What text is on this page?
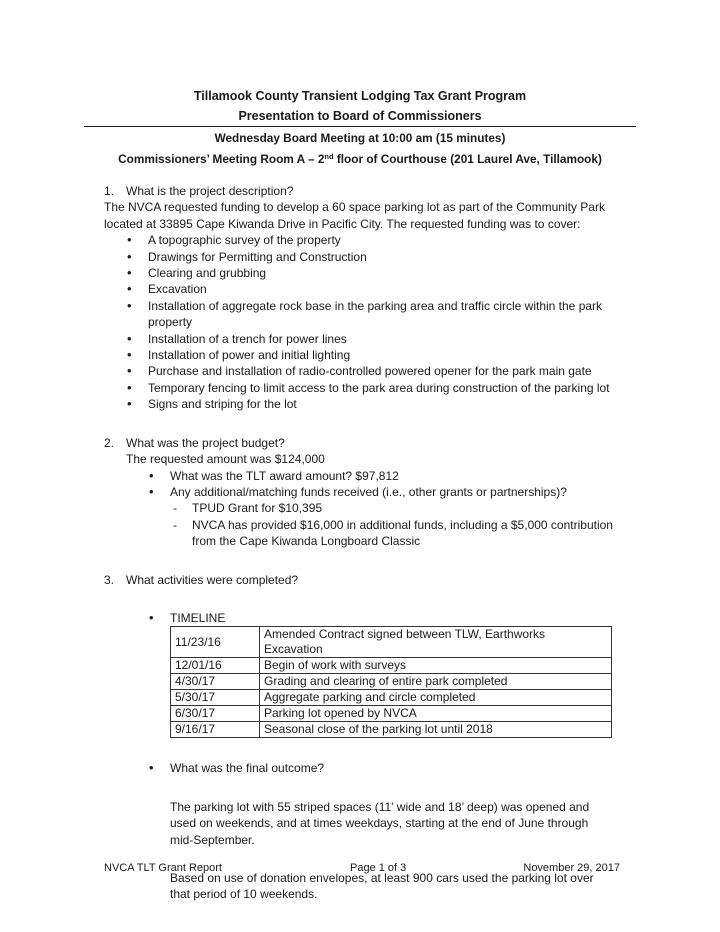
Tillamook County Transient Lodging Tax Grant Program
Presentation to Board of Commissioners
Wednesday Board Meeting at 10:00 am (15 minutes)
Commissioners’ Meeting Room A – 2nd floor of Courthouse (201 Laurel Ave, Tillamook)
1. What is the project description?

The NVCA requested funding to develop a 60 space parking lot as part of the Community Park located at 33895 Cape Kiwanda Drive in Pacific City. The requested funding was to cover:

• A topographic survey of the property
• Drawings for Permitting and Construction
• Clearing and grubbing
• Excavation
• Installation of aggregate rock base in the parking area and traffic circle within the park property
• Installation of a trench for power lines
• Installation of power and initial lighting
• Purchase and installation of radio-controlled powered opener for the park main gate
• Temporary fencing to limit access to the park area during construction of the parking lot
• Signs and striping for the lot
2. What was the project budget?
The requested amount was $124,000
• What was the TLT award amount? $97,812
• Any additional/matching funds received (i.e., other grants or partnerships)?
- TPUD Grant for $10,395
- NVCA has provided $16,000 in additional funds, including a $5,000 contribution from the Cape Kiwanda Longboard Classic
3. What activities were completed?
• TIMELINE
11/23/16	Amended Contract signed between TLW, Earthworks Excavation
12/01/16	Begin of work with surveys
4/30/17	Grading and clearing of entire park completed
5/30/17	Aggregate parking and circle completed
6/30/17	Parking lot opened by NVCA
9/16/17	Seasonal close of the parking lot until 2018
• What was the final outcome?

The parking lot with 55 striped spaces (11’ wide and 18’ deep) was opened and used on weekends, and at times weekdays, starting at the end of June through mid-September.

Based on use of donation envelopes, at least 900 cars used the parking lot over that period of 10 weekends.

NVCA TLT Grant Report	Page 1 of 3	November 29, 2017
